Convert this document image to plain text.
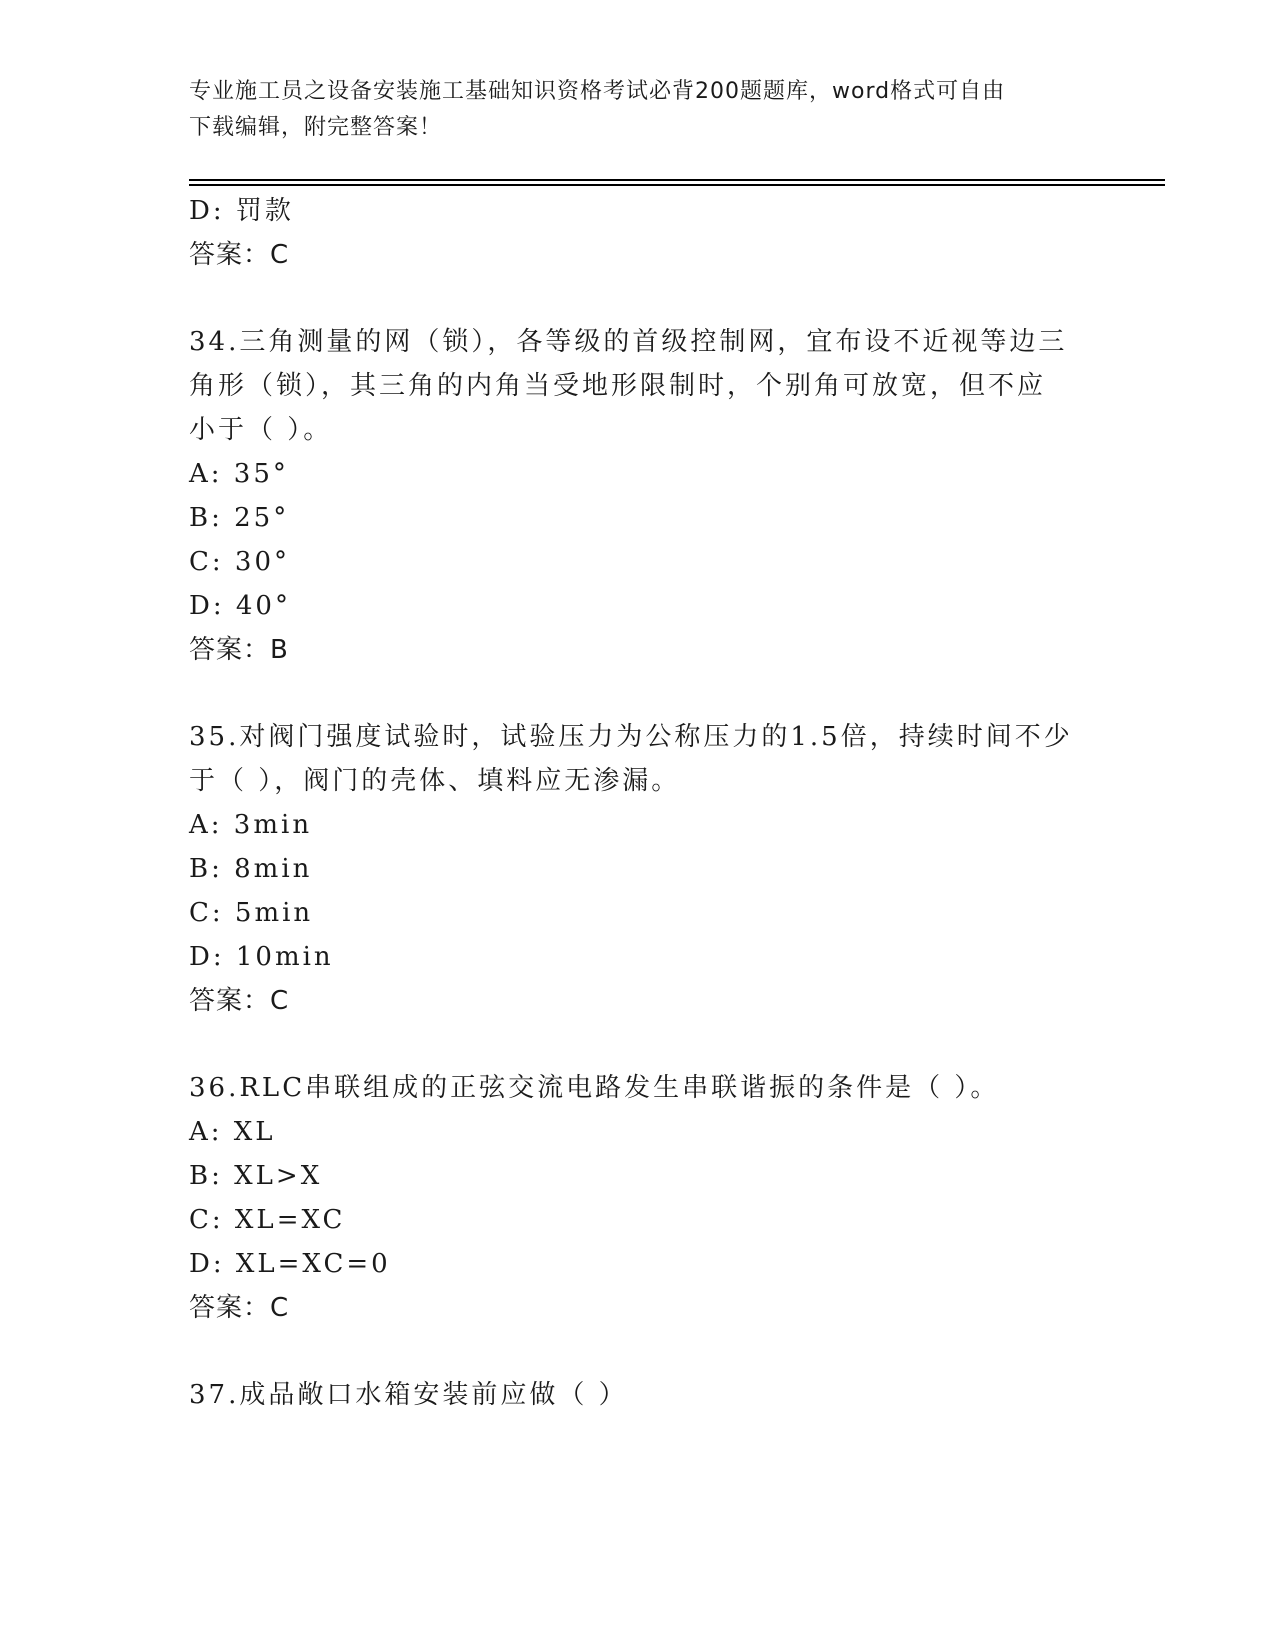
专业施工员之设备安装施工基础知识资格考试必背200题题库，word格式可自由
下载编辑，附完整答案！
D: 罚款
答案：C
34.三角测量的网（锁），各等级的首级控制网，宜布设不近视等边三
角形（锁），其三角的内角当受地形限制时，个别角可放宽，但不应
小于（ ）。
A: 35°
B: 25°
C: 30°
D: 40°
答案：B
35.对阀门强度试验时，试验压力为公称压力的1.5倍，持续时间不少
于（ ），阀门的壳体、填料应无渗漏。
A: 3min
B: 8min
C: 5min
D: 10min
答案：C
36.RLC串联组成的正弦交流电路发生串联谐振的条件是（ ）。
A: XL
B: XL>X
C: XL=XC
D: XL=XC=0
答案：C
37.成品敞口水箱安装前应做（ ）
